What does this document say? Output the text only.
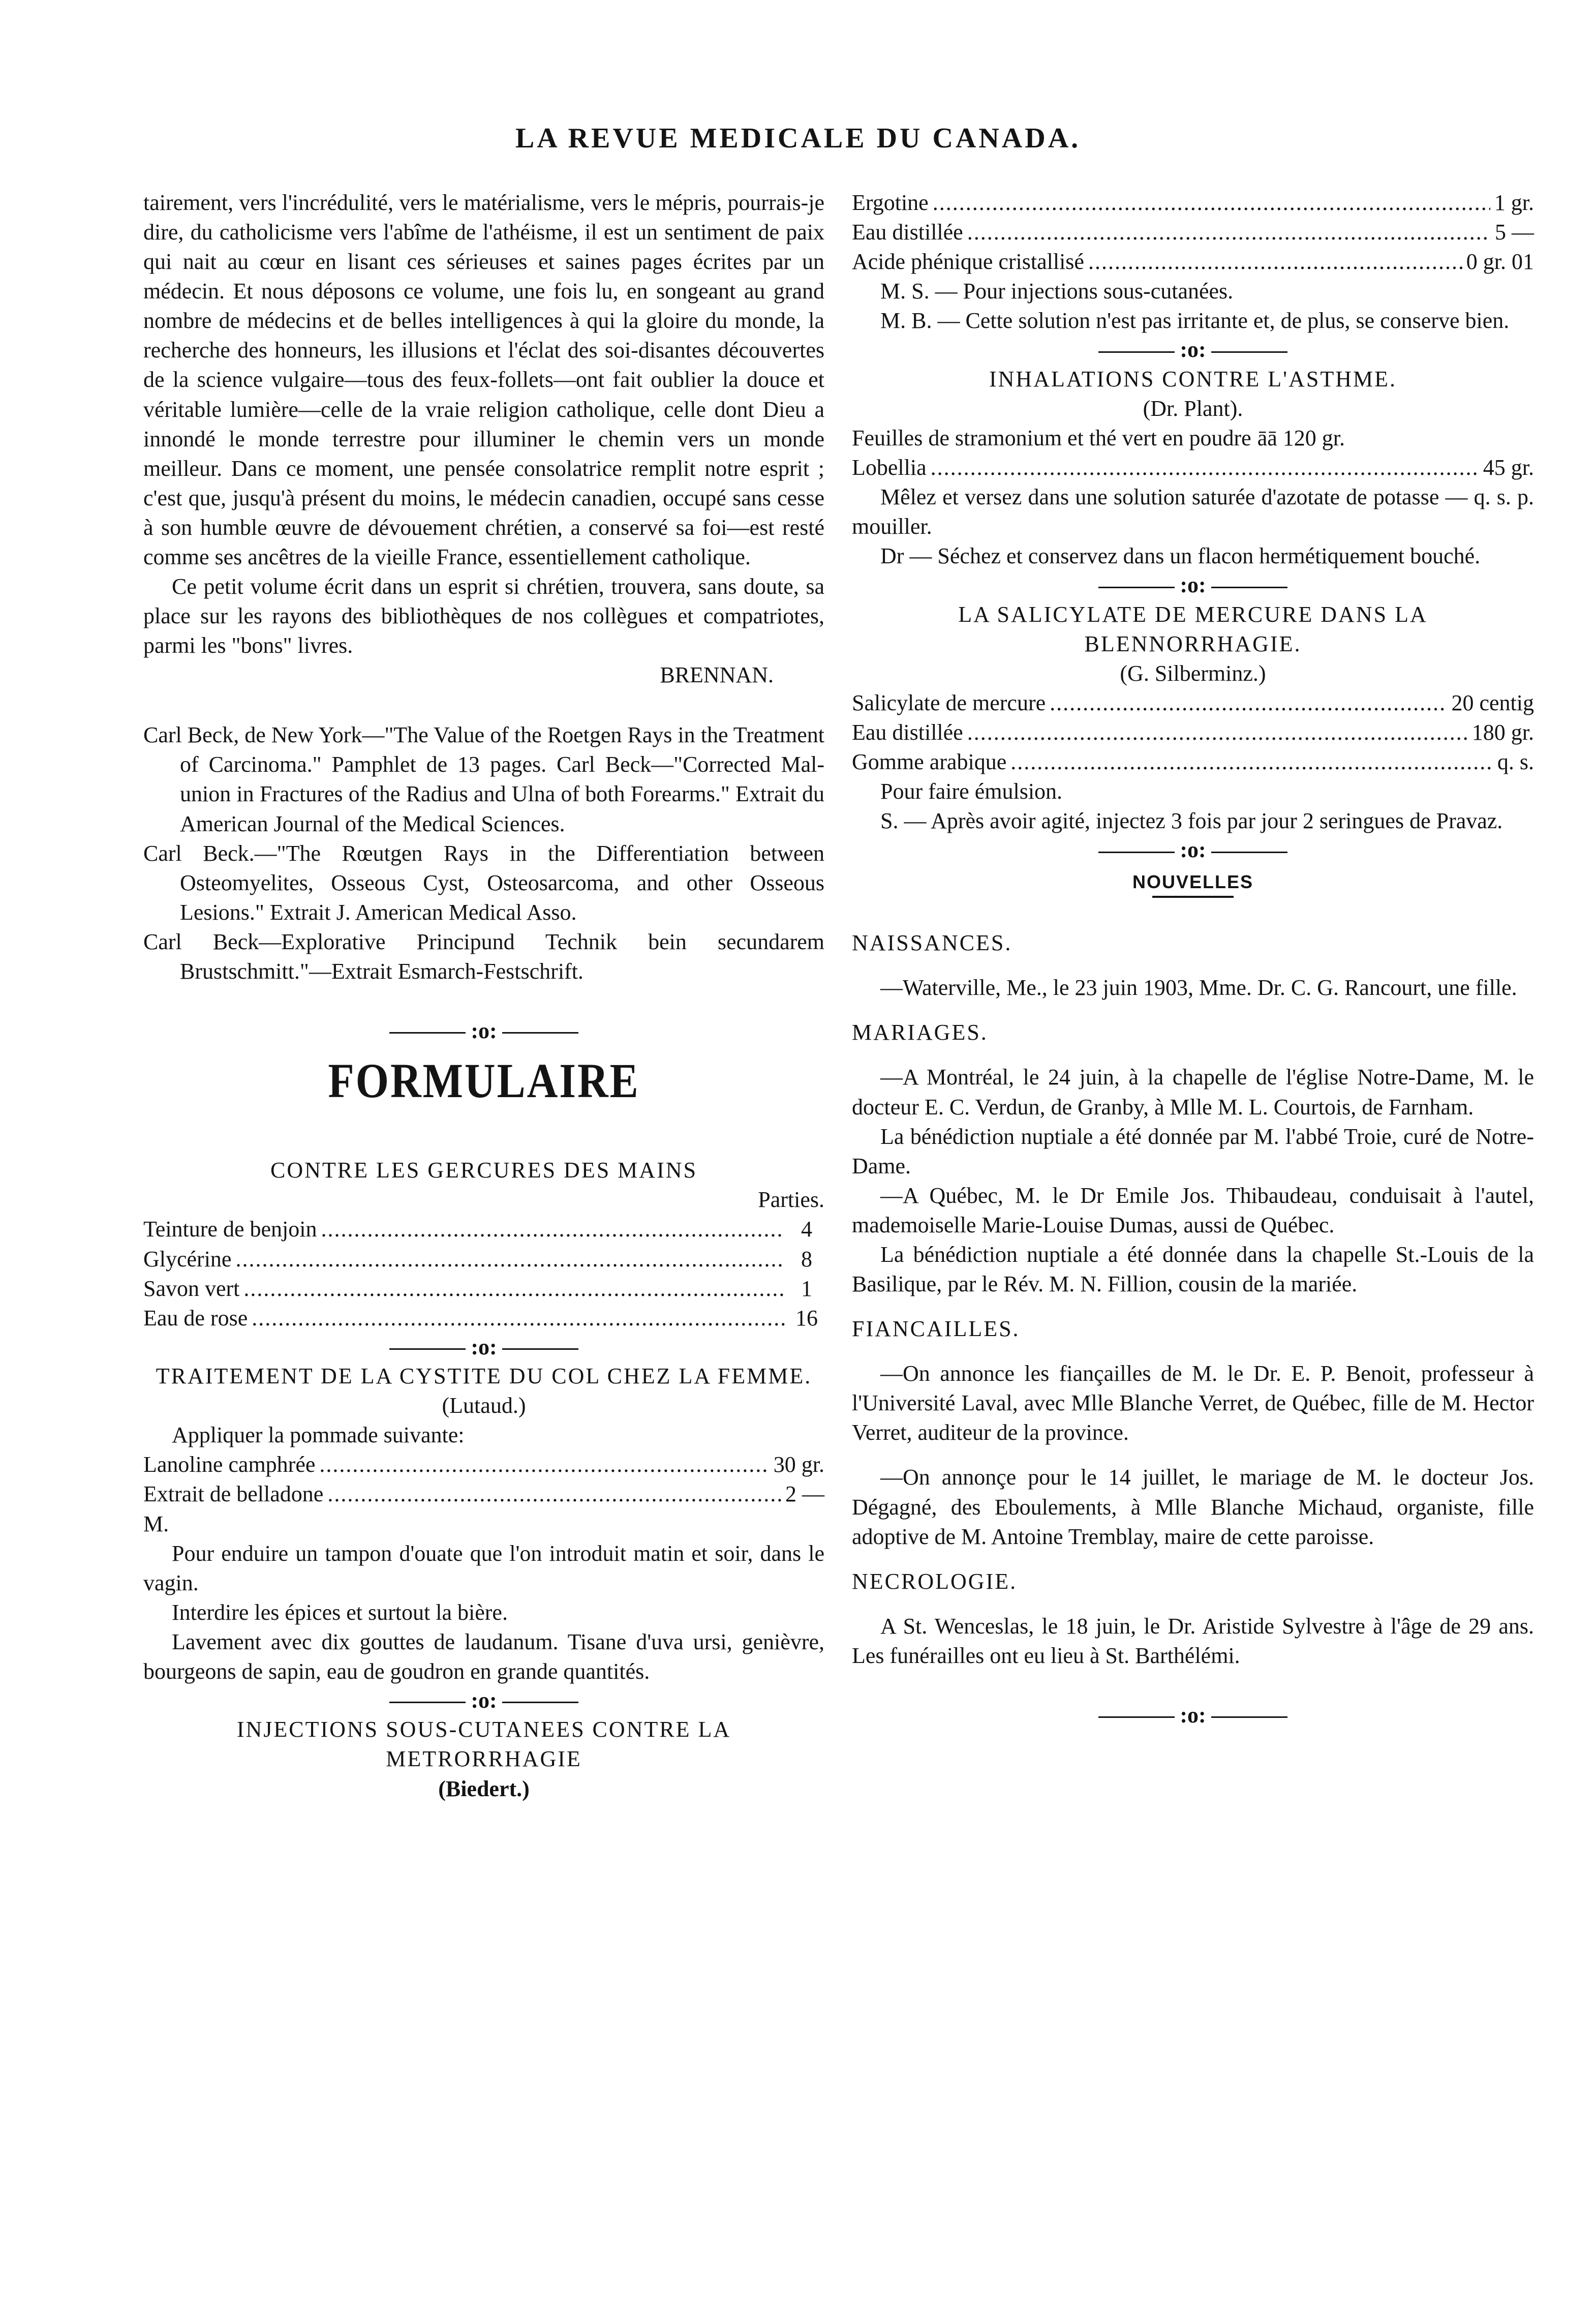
LA REVUE MEDICALE DU CANADA.

tairement, vers l'incrédulité, vers le matérialisme, vers le mépris, pourrais-je dire, du catholicisme vers l'abîme de l'athéisme, il est un sentiment de paix qui nait au cœur en lisant ces sérieuses et saines pages écrites par un médecin. Et nous déposons ce volume, une fois lu, en songeant au grand nombre de médecins et de belles intelligences à qui la gloire du monde, la recherche des honneurs, les illusions et l'éclat des soi-disantes découvertes de la science vulgaire—tous des feux-follets—ont fait oublier la douce et véritable lumière—celle de la vraie religion catholique, celle dont Dieu a innondé le monde terrestre pour illuminer le chemin vers un monde meilleur. Dans ce moment, une pensée consolatrice remplit notre esprit ; c'est que, jusqu'à présent du moins, le médecin canadien, occupé sans cesse à son humble œuvre de dévouement chrétien, a conservé sa foi—est resté comme ses ancêtres de la vieille France, essentiellement catholique.

Ce petit volume écrit dans un esprit si chrétien, trouvera, sans doute, sa place sur les rayons des bibliothèques de nos collègues et compatriotes, parmi les "bons" livres.

BRENNAN.

Carl Beck, de New York—"The Value of the Roetgen Rays in the Treatment of Carcinoma." Pamphlet de 13 pages. Carl Beck—"Corrected Mal-union in Fractures of the Radius and Ulna of both Forearms." Extrait du American Journal of the Medical Sciences.

Carl Beck.—"The Rœutgen Rays in the Differentiation between Osteomyelites, Osseous Cyst, Osteosarcoma, and other Osseous Lesions." Extrait J. American Medical Asso.

Carl Beck—Explorative Principund Technik bein secundarem Brustschmitt."—Extrait Esmarch-Festschrift.

:o:
FORMULAIRE
CONTRE LES GERCURES DES MAINS

Parties.

Teinture de benjoin .....	4
Glycérine .....	8
Savon vert .....	1
Eau de rose .....	16
:o:
TRAITEMENT DE LA CYSTITE DU COL CHEZ LA FEMME.
(Lutaud.)

Appliquer la pommade suivante:

Lanoline camphrée .....	30 gr.
Extrait de belladone .....	2 —

M.

Pour enduire un tampon d'ouate que l'on introduit matin et soir, dans le vagin.

Interdire les épices et surtout la bière.

Lavement avec dix gouttes de laudanum. Tisane d'uva ursi, genièvre, bourgeons de sapin, eau de goudron en grande quantités.

:o:
INJECTIONS SOUS-CUTANEES CONTRE LA METRORRHAGIE
(Biedert.)
Ergotine .....	1 gr.
Eau distillée .....	5 —
Acide phénique cristallisé .....	0 gr. 01

M. S. — Pour injections sous-cutanées.

M. B. — Cette solution n'est pas irritante et, de plus, se conserve bien.

:o:
INHALATIONS CONTRE L'ASTHME.
(Dr. Plant).
Feuilles de stramonium et thé vert en poudre āā 120 gr.
Lobellia .....	45 gr.

Mêlez et versez dans une solution saturée d'azotate de potasse — q. s. p. mouiller.

Dr — Séchez et conservez dans un flacon hermétiquement bouché.

:o:
LA SALICYLATE DE MERCURE DANS LA BLENNORRHAGIE.
(G. Silberminz.)
Salicylate de mercure .....	20 centig
Eau distillée .....	180 gr.
Gomme arabique .....	q. s.

Pour faire émulsion.

S. — Après avoir agité, injectez 3 fois par jour 2 seringues de Pravaz.

:o:
NOUVELLES

NAISSANCES.

—Waterville, Me., le 23 juin 1903, Mme. Dr. C. G. Rancourt, une fille.

MARIAGES.

—A Montréal, le 24 juin, à la chapelle de l'église Notre-Dame, M. le docteur E. C. Verdun, de Granby, à Mlle M. L. Courtois, de Farnham.

La bénédiction nuptiale a été donnée par M. l'abbé Troie, curé de Notre-Dame.

—A Québec, M. le Dr Emile Jos. Thibaudeau, conduisait à l'autel, mademoiselle Marie-Louise Dumas, aussi de Québec.

La bénédiction nuptiale a été donnée dans la chapelle St.-Louis de la Basilique, par le Rév. M. N. Fillion, cousin de la mariée.

FIANCAILLES.

—On annonce les fiançailles de M. le Dr. E. P. Benoit, professeur à l'Université Laval, avec Mlle Blanche Verret, de Québec, fille de M. Hector Verret, auditeur de la province.

—On annonçe pour le 14 juillet, le mariage de M. le docteur Jos. Dégagné, des Eboulements, à Mlle Blanche Michaud, organiste, fille adoptive de M. Antoine Tremblay, maire de cette paroisse.

NECROLOGIE.

A St. Wenceslas, le 18 juin, le Dr. Aristide Sylvestre à l'âge de 29 ans. Les funérailles ont eu lieu à St. Barthélémi.

:o:
